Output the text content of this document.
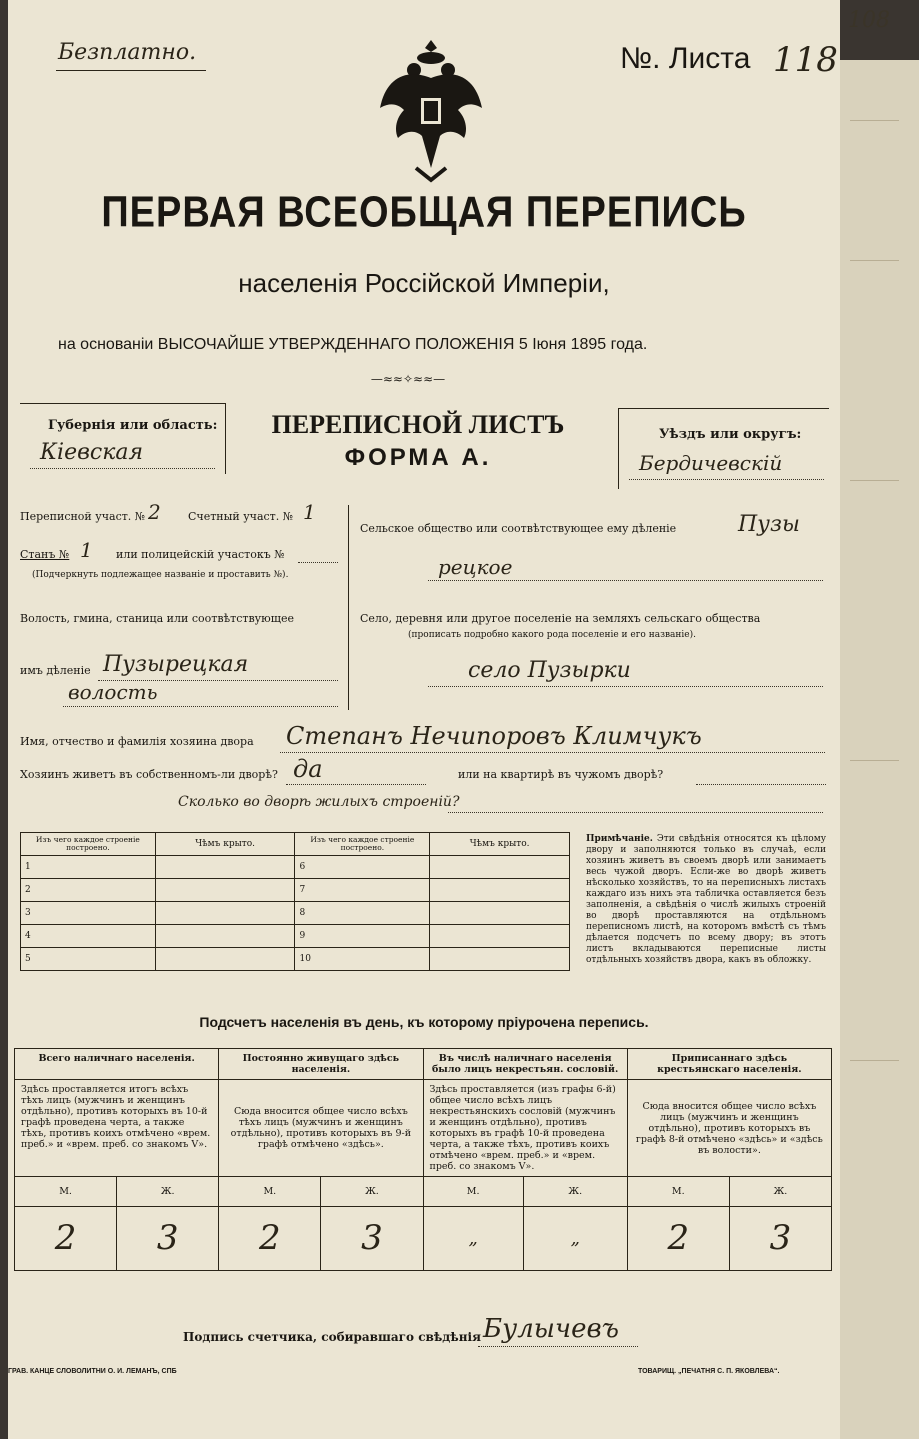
Безплатно.	№. Листа 118
108
ПЕРВАЯ ВСЕОБЩАЯ ПЕРЕПИСЬ
населенія Россійской Имперіи,
на основаніи ВЫСОЧАЙШЕ УТВЕРЖДЕННАГО ПОЛОЖЕНІЯ 5 Іюня 1895 года.
—≈≈✧≈≈—
Губернія или область:
Кіевская
ПЕРЕПИСНОЙ ЛИСТЪ
ФОРМА А.
Уѣздъ или округъ:
Бердичевскій
Переписной участ. № 2 Счетный участ. № 1
Станъ № 1 или полицейскій участокъ №
(Подчеркнуть подлежащее названіе и проставить №).
Волость, гмина, станица или соотвѣтствующее
имъ дѣленіе Пузырецкая
волость
Сельское общество или соотвѣтствующее ему дѣленіе	Пузы
рецкое
Село, деревня или другое поселеніе на земляхъ сельскаго общества
(прописать подробно какого рода поселеніе и его названіе).
село Пузырки
Имя, отчество и фамилія хозяина двора Степанъ Нечипоровъ Климчукъ
Хозяинъ живетъ въ собственномъ-ли дворѣ? да	или на квартирѣ въ чужомъ дворѣ?
Сколько во дворѣ жилыхъ строеній?
Изъ чего каждое строеніе построено.	Чѣмъ крыто.	Изъ чего каждое строеніе построено.	Чѣмъ крыто.
1		6	
2		7	
3		8	
4		9	
5		10	
Примѣчаніе. Эти свѣдѣнія относятся къ цѣлому двору и заполняются только въ случаѣ, если хозяинъ живетъ въ своемъ дворѣ или занимаетъ весь чужой дворъ. Если-же во дворѣ живетъ нѣсколько хозяйствъ, то на переписныхъ листахъ каждаго изъ нихъ эта табличка оставляется безъ заполненія, а свѣдѣнія о числѣ жилыхъ строеній во дворѣ проставляются на отдѣльномъ переписномъ листѣ, на которомъ вмѣстѣ съ тѣмъ дѣлается подсчетъ по всему двору; въ этотъ листъ вкладываются переписные листы отдѣльныхъ хозяйствъ двора, какъ въ обложку.
Подсчетъ населенія въ день, къ которому пріурочена перепись.
Всего наличнаго населенія.		Постоянно живущаго здѣсь населенія.		Въ числѣ наличнаго населенія было лицъ некрестьян. сословій.		Приписаннаго здѣсь крестьянскаго населенія.	
Здѣсь проставляется итогъ всѣхъ тѣхъ лицъ (мужчинъ и женщинъ отдѣльно), противъ которыхъ въ 10-й графѣ проведена черта, а также тѣхъ, противъ коихъ отмѣчено «врем. преб.» и «врем. преб. со знакомъ V».		Сюда вносится общее число всѣхъ тѣхъ лицъ (мужчинъ и женщинъ отдѣльно), противъ которыхъ въ 9-й графѣ отмѣчено «здѣсь».		Здѣсь проставляется (изъ графы 6-й) общее число всѣхъ лицъ некрестьянскихъ сословій (мужчинъ и женщинъ отдѣльно), противъ которыхъ въ графѣ 10-й проведена черта, а также тѣхъ, противъ коихъ отмѣчено «врем. преб.» и «врем. преб. со знакомъ V».		Сюда вносится общее число всѣхъ лицъ (мужчинъ и женщинъ отдѣльно), противъ которыхъ въ графѣ 8-й отмѣчено «здѣсь» и «здѣсь въ волости».	
М.	Ж.	М.	Ж.	М.	Ж.	М.	Ж.
2	3	2	3	„	„	2	3
Подпись счетчика, собиравшаго свѣдѣнія Булычевъ
ГРАВ. КАНЦЕ СЛОВОЛИТНИ О. И. ЛЕМАНЪ, СПБ	ТОВАРИЩ. „ПЕЧАТНЯ С. П. ЯКОВЛЕВА“.
